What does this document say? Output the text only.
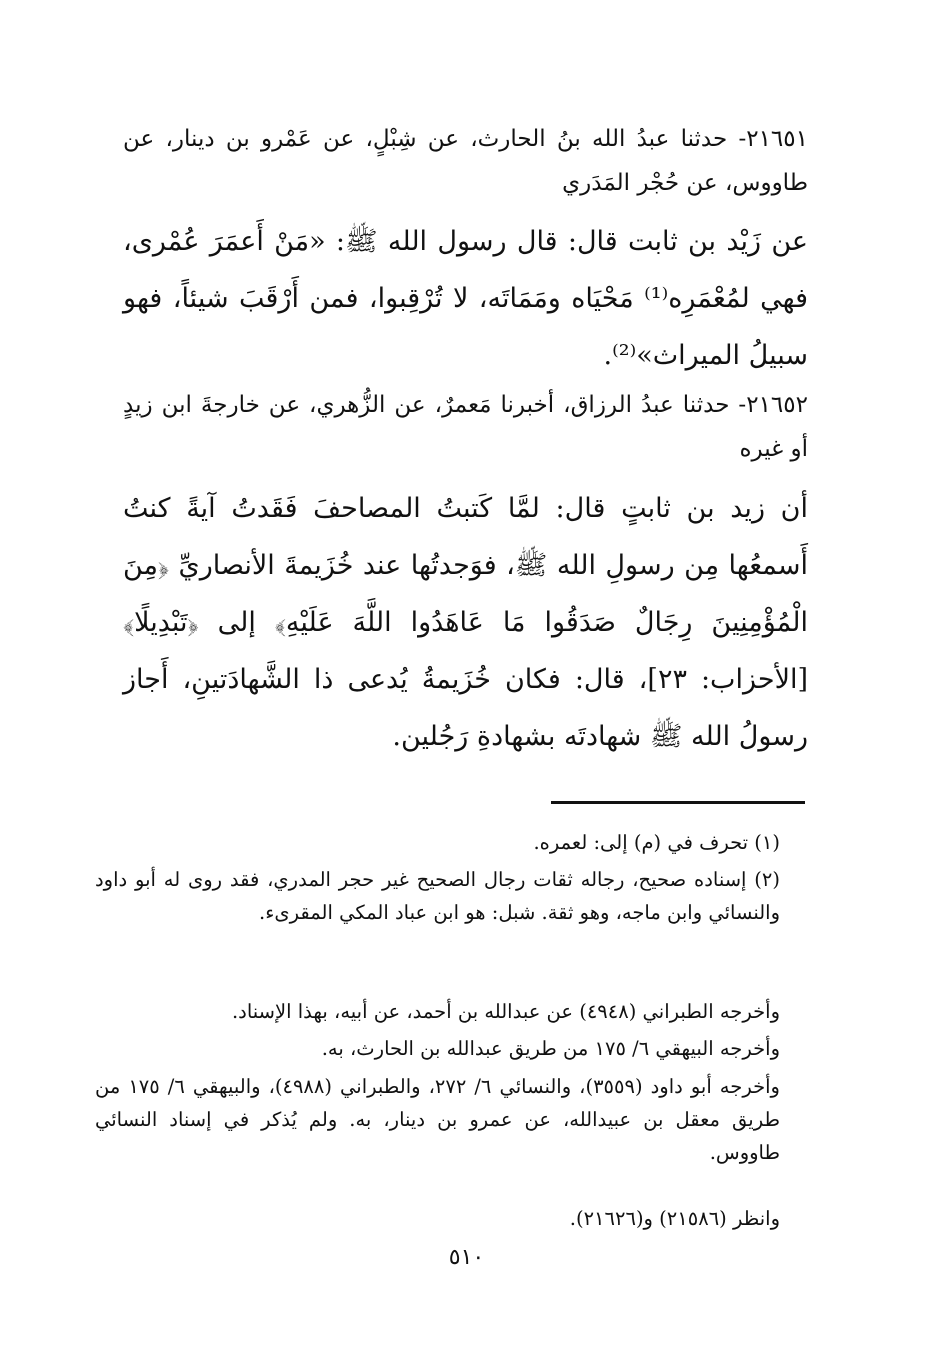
٢١٦٥١- حدثنا عبدُ الله بنُ الحارث، عن شِبْلٍ، عن عَمْرو بن دينار، عن طاووس، عن حُجْر المَدَري
عن زَيْد بن ثابت قال: قال رسول الله ﷺ: «مَنْ أَعمَرَ عُمْرى، فهي لمُعْمَرِه⁽¹⁾ مَحْيَاه ومَمَاتَه، لا تُرْقِبوا، فمن أَرْقَبَ شيئاً، فهو سبيلُ الميراث»⁽²⁾.
٢١٦٥٢- حدثنا عبدُ الرزاق، أخبرنا مَعمرٌ، عن الزُّهري، عن خارجةَ ابن زيدٍ أو غيره
أن زيد بن ثابتٍ قال: لمَّا كَتبتُ المصاحفَ فَقَدتُ آيةً كنتُ أَسمعُها مِن رسولِ الله ﷺ، فوَجدتُها عند خُزَيمةَ الأنصاريِّ ﴿مِنَ الْمُؤْمِنِينَ رِجَالٌ صَدَقُوا مَا عَاهَدُوا اللَّهَ عَلَيْهِ﴾ إلى ﴿تَبْدِيلًا﴾ [الأحزاب: ٢٣]، قال: فكان خُزَيمةُ يُدعى ذا الشَّهادَتينِ، أَجاز رسولُ الله ﷺ شهادتَه بشهادةِ رَجُلين.
(١) تحرف في (م) إلى: لعمره.
(٢) إسناده صحيح، رجاله ثقات رجال الصحيح غير حجر المدري، فقد روى له أبو داود والنسائي وابن ماجه، وهو ثقة. شبل: هو ابن عباد المكي المقرىء.
وأخرجه الطبراني (٤٩٤٨) عن عبدالله بن أحمد، عن أبيه، بهذا الإسناد.
وأخرجه البيهقي ٦/ ١٧٥ من طريق عبدالله بن الحارث، به.
وأخرجه أبو داود (٣٥٥٩)، والنسائي ٦/ ٢٧٢، والطبراني (٤٩٨٨)، والبيهقي ٦/ ١٧٥ من طريق معقل بن عبيدالله، عن عمرو بن دينار، به. ولم يُذكر في إسناد النسائي طاووس.
وانظر (٢١٥٨٦) و(٢١٦٢٦).
٥١٠
